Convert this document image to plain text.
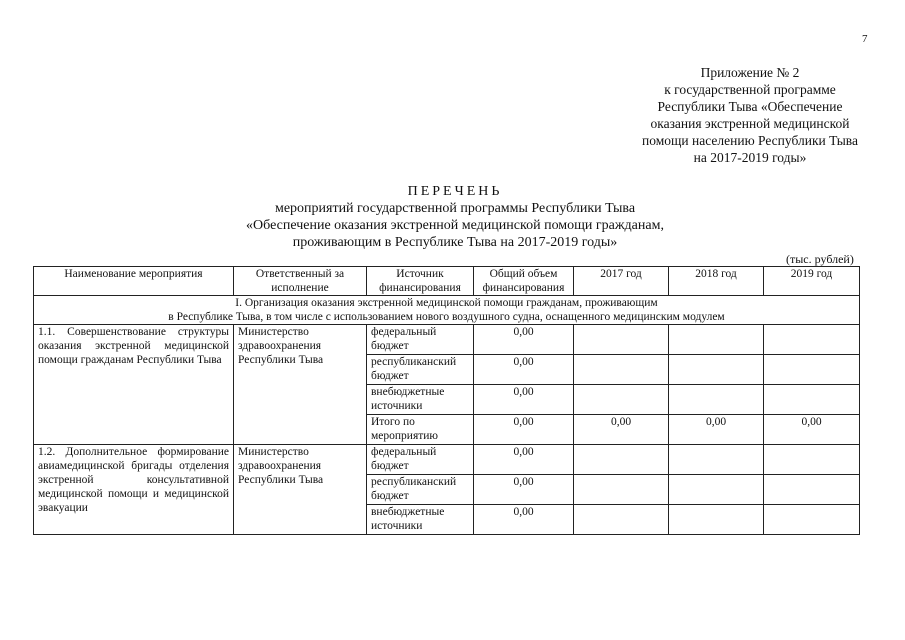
7
Приложение № 2
к государственной программе
Республики Тыва «Обеспечение
оказания экстренной медицинской
помощи населению Республики Тыва
на 2017-2019 годы»
ПЕРЕЧЕНЬ
мероприятий государственной программы Республики Тыва
«Обеспечение оказания экстренной медицинской помощи гражданам,
проживающим в Республике Тыва на 2017-2019 годы»
(тыс. рублей)
Наименование мероприятия	Ответственный за исполнение	Источник финансирования	Общий объем финансирования	2017 год	2018 год	2019 год

I. Организация оказания экстренной медицинской помощи гражданам, проживающим
в Республике Тыва, в том числе с использованием нового воздушного судна, оснащенного медицинским модулем						

1.1. Совершенствование структуры оказания экстренной медицинской помощи гражданам Республики Тыва	Министерство здравоохранения Республики Тыва	федеральный бюджет	0,00			
		республиканский бюджет	0,00			
		внебюджетные источники	0,00			
		Итого по мероприятию	0,00	0,00	0,00	0,00
1.2. Дополнительное формирование авиамедицинской бригады отделения экстренной консультативной медицинской помощи и медицинской эвакуации	Министерство здравоохранения Республики Тыва	федеральный бюджет	0,00			
		республиканский бюджет	0,00			
		внебюджетные источники	0,00			
